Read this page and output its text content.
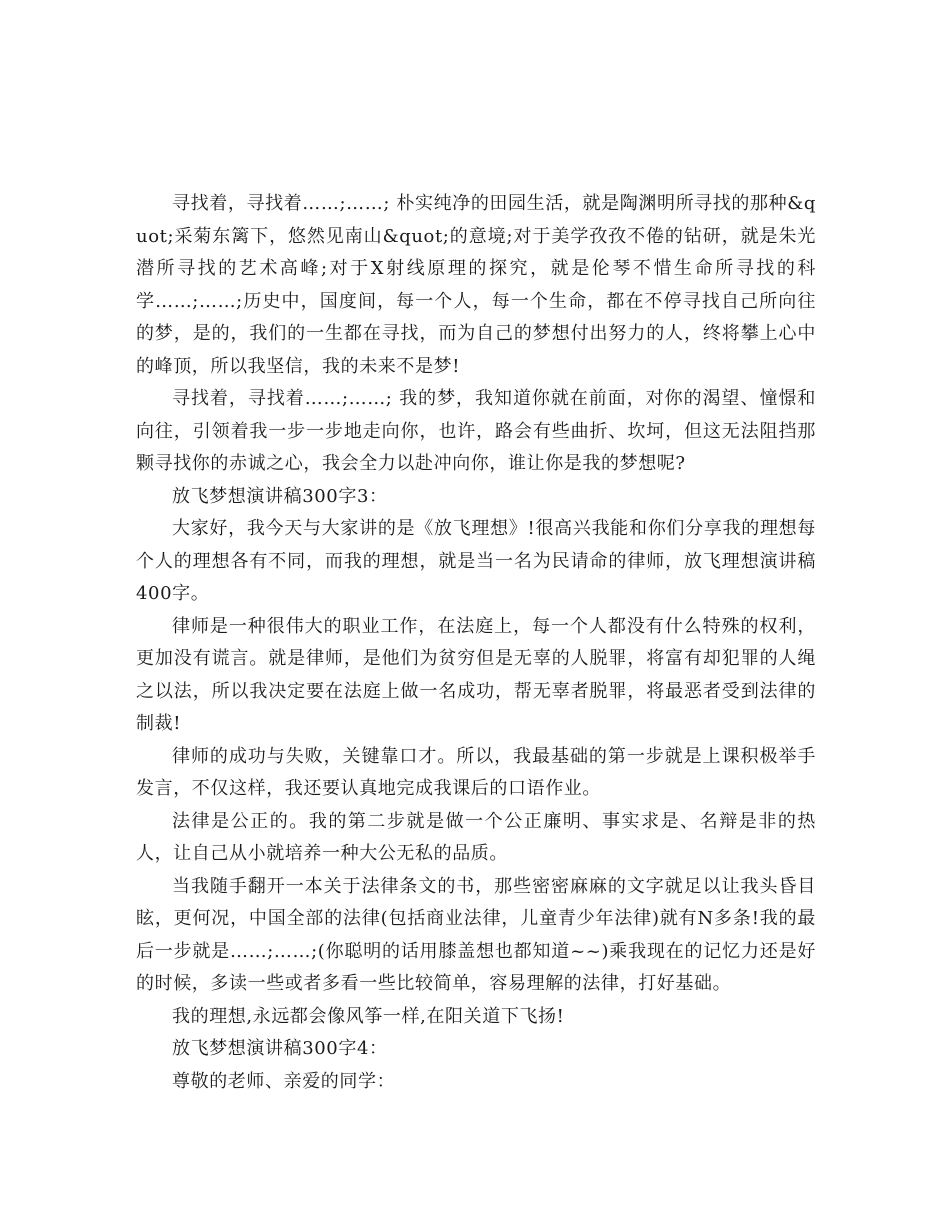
寻找着，寻找着……;……; 朴实纯净的田园生活，就是陶渊明所寻找的那种&quot;采菊东篱下，悠然见南山&quot;的意境;对于美学孜孜不倦的钻研，就是朱光潜所寻找的艺术高峰;对于X射线原理的探究，就是伦琴不惜生命所寻找的科学……;……;历史中，国度间，每一个人，每一个生命，都在不停寻找自己所向往的梦，是的，我们的一生都在寻找，而为自己的梦想付出努力的人，终将攀上心中的峰顶，所以我坚信，我的未来不是梦!

寻找着，寻找着……;……; 我的梦，我知道你就在前面，对你的渴望、憧憬和向往，引领着我一步一步地走向你，也许，路会有些曲折、坎坷，但这无法阻挡那颗寻找你的赤诚之心，我会全力以赴冲向你，谁让你是我的梦想呢?

放飞梦想演讲稿300字3：

大家好，我今天与大家讲的是《放飞理想》!很高兴我能和你们分享我的理想每个人的理想各有不同，而我的理想，就是当一名为民请命的律师，放飞理想演讲稿400字。

律师是一种很伟大的职业工作，在法庭上，每一个人都没有什么特殊的权利，更加没有谎言。就是律师，是他们为贫穷但是无辜的人脱罪，将富有却犯罪的人绳之以法，所以我决定要在法庭上做一名成功，帮无辜者脱罪，将最恶者受到法律的制裁!

律师的成功与失败，关键靠口才。所以，我最基础的第一步就是上课积极举手发言，不仅这样，我还要认真地完成我课后的口语作业。

法律是公正的。我的第二步就是做一个公正廉明、事实求是、名辩是非的热人，让自己从小就培养一种大公无私的品质。

当我随手翻开一本关于法律条文的书，那些密密麻麻的文字就足以让我头昏目眩，更何况，中国全部的法律(包括商业法律，儿童青少年法律)就有N多条!我的最后一步就是……;……;(你聪明的话用膝盖想也都知道~~)乘我现在的记忆力还是好的时候，多读一些或者多看一些比较简单，容易理解的法律，打好基础。

我的理想,永远都会像风筝一样,在阳关道下飞扬!

放飞梦想演讲稿300字4：

尊敬的老师、亲爱的同学：
